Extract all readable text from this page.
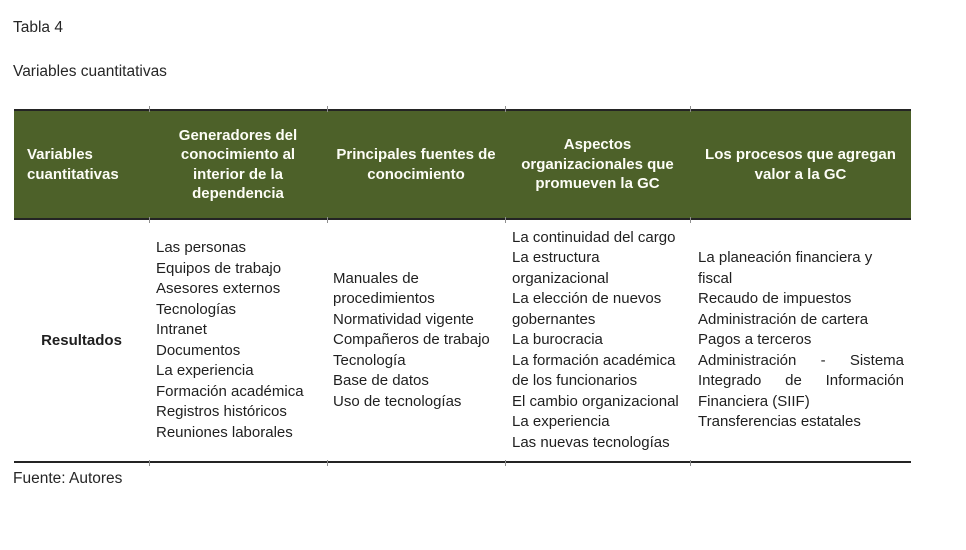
Tabla 4
Variables cuantitativas
Variables
cuantitativas
Generadores del
conocimiento al
interior de la
dependencia
Principales fuentes de
conocimiento
Aspectos
organizacionales que
promueven la GC
Los procesos que agregan
valor a la GC
Resultados
Las personas
Equipos de trabajo
Asesores externos
Tecnologías
Intranet
Documentos
La experiencia
Formación académica
Registros históricos
Reuniones laborales
Manuales de
procedimientos
Normatividad vigente
Compañeros de trabajo
Tecnología
Base de datos
Uso de tecnologías
La continuidad del cargo
La estructura
organizacional
La elección de nuevos
gobernantes
La burocracia
La formación académica
de los funcionarios
El cambio organizacional
La experiencia
Las nuevas tecnologías
La planeación financiera y
fiscal
Recaudo de impuestos
Administración de cartera
Pagos a terceros
Administración - Sistema
Integrado de Información
Financiera (SIIF)
Transferencias estatales
Fuente: Autores
